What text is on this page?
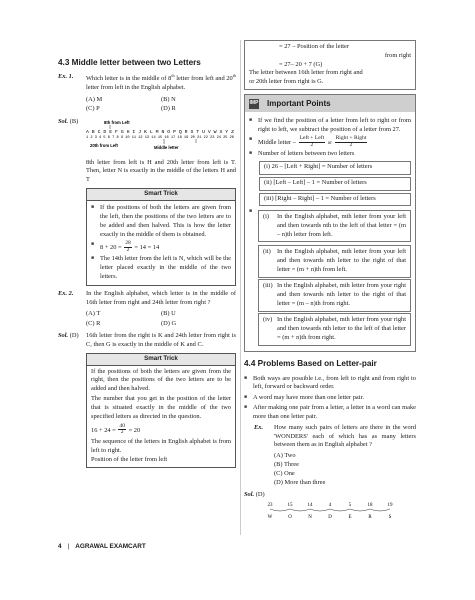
4.3 Middle letter between two Letters
Ex. 1.	Which letter is in the middle of 8th letter from left and 20th letter from left in the English alphabet.
(A) M	(B) N
(C) P	(D) R
Sol. (B)	8th from Left
A B C D E F G H I J K L M N O P Q R S T U V W X Y Z
1 2 3 4 5 6 7 8 9 10 11 12 13 14 15 16 17 18 19 20 21 22 23 24 25 26
20th from Left	Middle letter
8th letter from left is H and 20th letter from left is T. Then, letter N is exactly in the middle of the letters H and T
Smart Trick
■ If the positions of both the letters are given from the left, then the positions of the two letters are to be added and then halved. This is how the letter exactly in the middle of them is obtained.
■ $8 + 20 = \frac{28}{2} = 14 = 14$
■ The 14th letter from the left is N, which will be the letter placed exactly in the middle of the two letters.
Ex. 2.	In the English alphabet, which letter is in the middle of 16th letter from right and 24th letter from right ?
(A) T	(B) U
(C) R	(D) G
Sol. (D)	16th letter from the right is K and 24th letter from right is C, then G is exactly in the middle of K and C.
Smart Trick
If the positions of both the letters are given from the right, then the positions of the two letters are to be added and then halved.
The number that you get in the position of the letter that is situated exactly in the middle of the two specified letters as directed in the question.
$16 + 24 = \frac{40}{2} = 20$
The sequence of the letters in English alphabet is from left to right.
Position of the letter from left
= 27 – Position of the letter
from right
= 27– 20 + 7 (G)
The letter between 16th letter from right and
or 20th letter from right is G.
IMP Important Points
■ If we find the position of a letter from left to right or from right to left, we subtract the position of a letter from 27.
■ Middle letter – $\frac{\text{Left + Left}}{2}$ or $\frac{\text{Right + Right}}{2}$
■ Number of letters between two letters
(i) 26 – [Left + Right] = Number of letters
(ii) [Left – Left] – 1 = Number of letters
(iii) [Right – Right] – 1 = Number of letters
■
(i)	In the English alphabet, mth letter from your left and then towards nth to the left of that letter = (m – n)th letter from left.
(ii) In the English alphabet, mth letter from your left and then towards nth letter to the right of that letter = (m + n)th from left.
(iii) In the English alphabet, mth letter from your right and then towards nth letter to the right of that letter = (m – n)th from right.
(iv) In the English alphabet, mth letter from your right and then towards nth letter to the left of that letter = (m + n)th from right.
4.4 Problems Based on Letter-pair
■ Both ways are possible i.e., from left to right and from right to left, forward or backward order.
■ A word may have more than one letter pair.
■ After making one pair from a letter, a letter in a word can make more than one letter pair.
Ex.	How many such pairs of letters are there in the word 'WONDERS' each of which has as many letters between them as in English alphabet ?
(A) Two
(B) Three
(C) One
(D) More than three
Sol. (D)
23	15	14	4	5	18	19
W	O	N	D	E	R	S
4 | AGRAWAL EXAMCART
